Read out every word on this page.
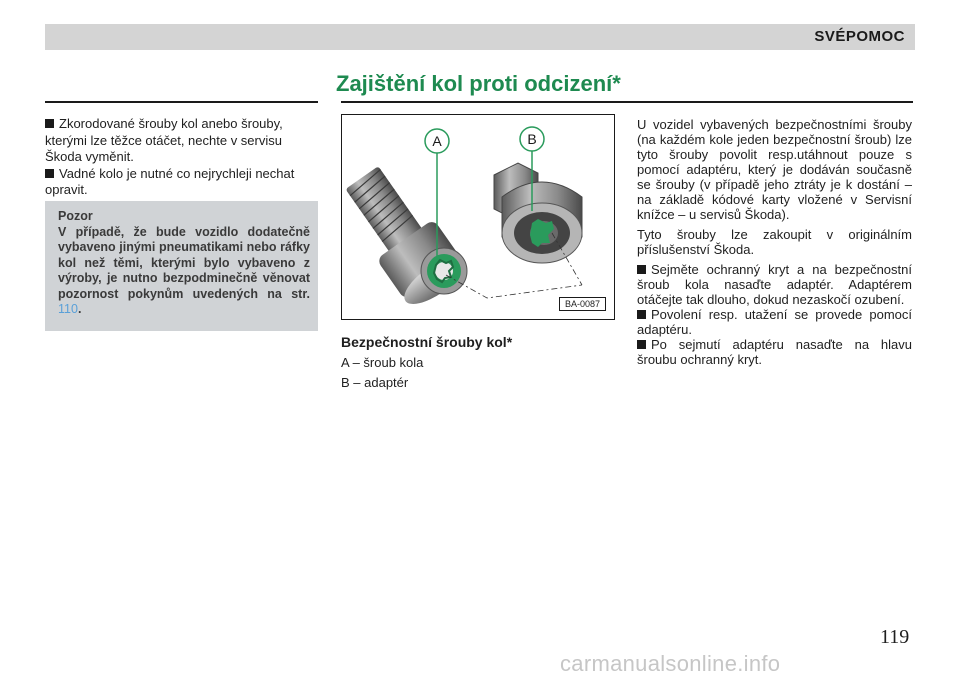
SVÉPOMOC
Zajištění kol proti odcizení*

Zkorodované šrouby kol anebo šrouby, kterými lze těžce otáčet, nechte v servisu Škoda vyměnit.

Vadné kolo je nutné co nejrychleji nechat opravit.

Pozor
V případě, že bude vozidlo dodatečně vybaveno jinými pneumatikami nebo ráfky kol než těmi, kterými bylo vybaveno z výroby, je nutno bezpodminečně věnovat pozornost pokynům uvedených na str. 110.
A	B
BA-0087
Bezpečnostní šrouby kol*

A – šroub kola

B – adaptér

U vozidel vybavených bezpečnostními šrouby (na každém kole jeden bezpečnostní šroub) lze tyto šrouby povolit resp.utáhnout pouze s pomocí adaptéru, který je dodáván současně se šrouby (v případě jeho ztráty je k dostání – na základě kódové karty vložené v Servisní knížce – u servisů Škoda).

Tyto šrouby lze zakoupit v originálním příslušenství Škoda.

Sejměte ochranný kryt a na bezpečnostní šroub kola nasaďte adaptér. Adaptérem otáčejte tak dlouho, dokud nezaskočí ozubení.

Povolení resp. utažení se provede pomocí adaptéru.

Po sejmutí adaptéru nasaďte na hlavu šroubu ochranný kryt.

119
carmanualsonline.info
